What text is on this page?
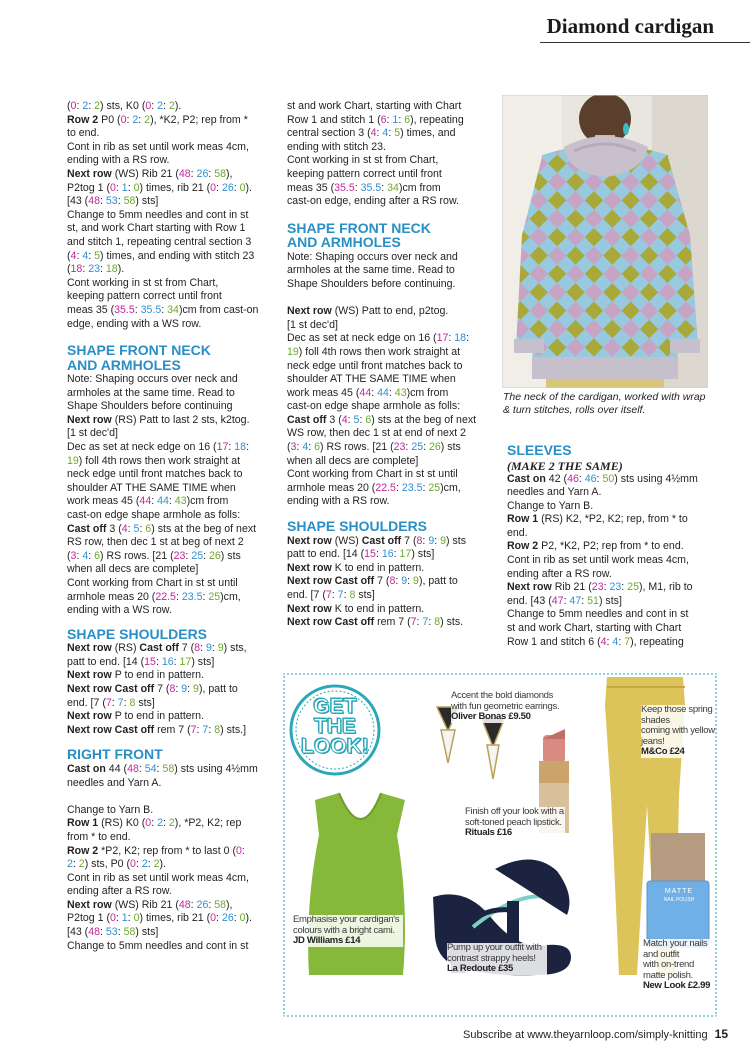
Diamond cardigan

(0: 2: 2) sts, K0 (0: 2: 2).

Row 2 P0 (0: 2: 2), *K2, P2; rep from *

to end.

Cont in rib as set until work meas 4cm,

ending with a RS row.

Next row (WS) Rib 21 (48: 26: 58),

P2tog 1 (0: 1: 0) times, rib 21 (0: 26: 0).

[43 (48: 53: 58) sts]

Change to 5mm needles and cont in st

st, and work Chart starting with Row 1

and stitch 1, repeating central section 3

(4: 4: 5) times, and ending with stitch 23

(18: 23: 18).

Cont working in st st from Chart,

keeping pattern correct until front

meas 35 (35.5: 35.5: 34)cm from cast-on

edge, ending with a WS row.

SHAPE FRONT NECK AND ARMHOLES

Note: Shaping occurs over neck and

armholes at the same time. Read to

Shape Shoulders before continuing

Next row (RS) Patt to last 2 sts, k2tog.

[1 st dec'd]

Dec as set at neck edge on 16 (17: 18:

19) foll 4th rows then work straight at

neck edge until front matches back to

shoulder AT THE SAME TIME when

work meas 45 (44: 44: 43)cm from

cast-on edge shape armhole as folls:

Cast off 3 (4: 5: 6) sts at the beg of next

RS row, then dec 1 st at beg of next 2

(3: 4: 6) RS rows. [21 (23: 25: 26) sts

when all decs are complete]

Cont working from Chart in st st until

armhole meas 20 (22.5: 23.5: 25)cm,

ending with a WS row.

SHAPE SHOULDERS

Next row (RS) Cast off 7 (8: 9: 9) sts,

patt to end. [14 (15: 16: 17) sts]

Next row P to end in pattern.

Next row Cast off 7 (8: 9: 9), patt to

end. [7 (7: 7: 8 sts]

Next row P to end in pattern.

Next row Cast off rem 7 (7: 7: 8) sts.]

RIGHT FRONT

Cast on 44 (48: 54: 58) sts using 4½mm

needles and Yarn A.

Change to Yarn B.

Row 1 (RS) K0 (0: 2: 2), *P2, K2; rep

from * to end.

Row 2 *P2, K2; rep from * to last 0 (0:

2: 2) sts, P0 (0: 2: 2).

Cont in rib as set until work meas 4cm,

ending after a RS row.

Next row (WS) Rib 21 (48: 26: 58),

P2tog 1 (0: 1: 0) times, rib 21 (0: 26: 0).

[43 (48: 53: 58) sts]

Change to 5mm needles and cont in st

st and work Chart, starting with Chart

Row 1 and stitch 1 (6: 1: 6), repeating

central section 3 (4: 4: 5) times, and

ending with stitch 23.

Cont working in st st from Chart,

keeping pattern correct until front

meas 35 (35.5: 35.5: 34)cm from

cast-on edge, ending after a RS row.

SHAPE FRONT NECK AND ARMHOLES

Note: Shaping occurs over neck and

armholes at the same time. Read to

Shape Shoulders before continuing.

Next row (WS) Patt to end, p2tog.

[1 st dec'd]

Dec as set at neck edge on 16 (17: 18:

19) foll 4th rows then work straight at

neck edge until front matches back to

shoulder AT THE SAME TIME when

work meas 45 (44: 44: 43)cm from

cast-on edge shape armhole as folls:

Cast off 3 (4: 5: 6) sts at the beg of next

WS row, then dec 1 st at end of next 2

(3: 4: 6) RS rows. [21 (23: 25: 26) sts

when all decs are complete]

Cont working from Chart in st st until

armhole meas 20 (22.5: 23.5: 25)cm,

ending with a RS row.

SHAPE SHOULDERS

Next row (WS) Cast off 7 (8: 9: 9) sts

patt to end. [14 (15: 16: 17) sts]

Next row K to end in pattern.

Next row Cast off 7 (8: 9: 9), patt to

end. [7 (7: 7: 8 sts]

Next row K to end in pattern.

Next row Cast off rem 7 (7: 7: 8) sts.

The neck of the cardigan, worked with wrap & turn stitches, rolls over itself.
SLEEVES
(MAKE 2 THE SAME)

Cast on 42 (46: 46: 50) sts using 4½mm

needles and Yarn A.

Change to Yarn B.

Row 1 (RS) K2, *P2, K2; rep, from * to

end.

Row 2 P2, *K2, P2; rep from * to end.

Cont in rib as set until work meas 4cm,

ending after a RS row.

Next row Rib 21 (23: 23: 25), M1, rib to

end. [43 (47: 47: 51) sts]

Change to 5mm needles and cont in st

st and work Chart, starting with Chart

Row 1 and stitch 6 (4: 4: 7), repeating

GET
THE
LOOK!
Accent the bold diamonds
with fun geometric earrings.
Oliver Bonas £9.50
Keep those spring shades
coming with yellow jeans!
M&Co £24
Finish off your look with a
soft-toned peach lipstick.
Rituals £16
Emphasise your cardigan's
colours with a bright cami.
JD Williams £14
Pump up your outfit with
contrast strappy heels!
La Redoute £35
Match your nails and outfit
with on-trend matte polish.
New Look £2.99
MATTE
NAIL POLISH
Subscribe at www.theyarnloop.com/simply-knitting 15
